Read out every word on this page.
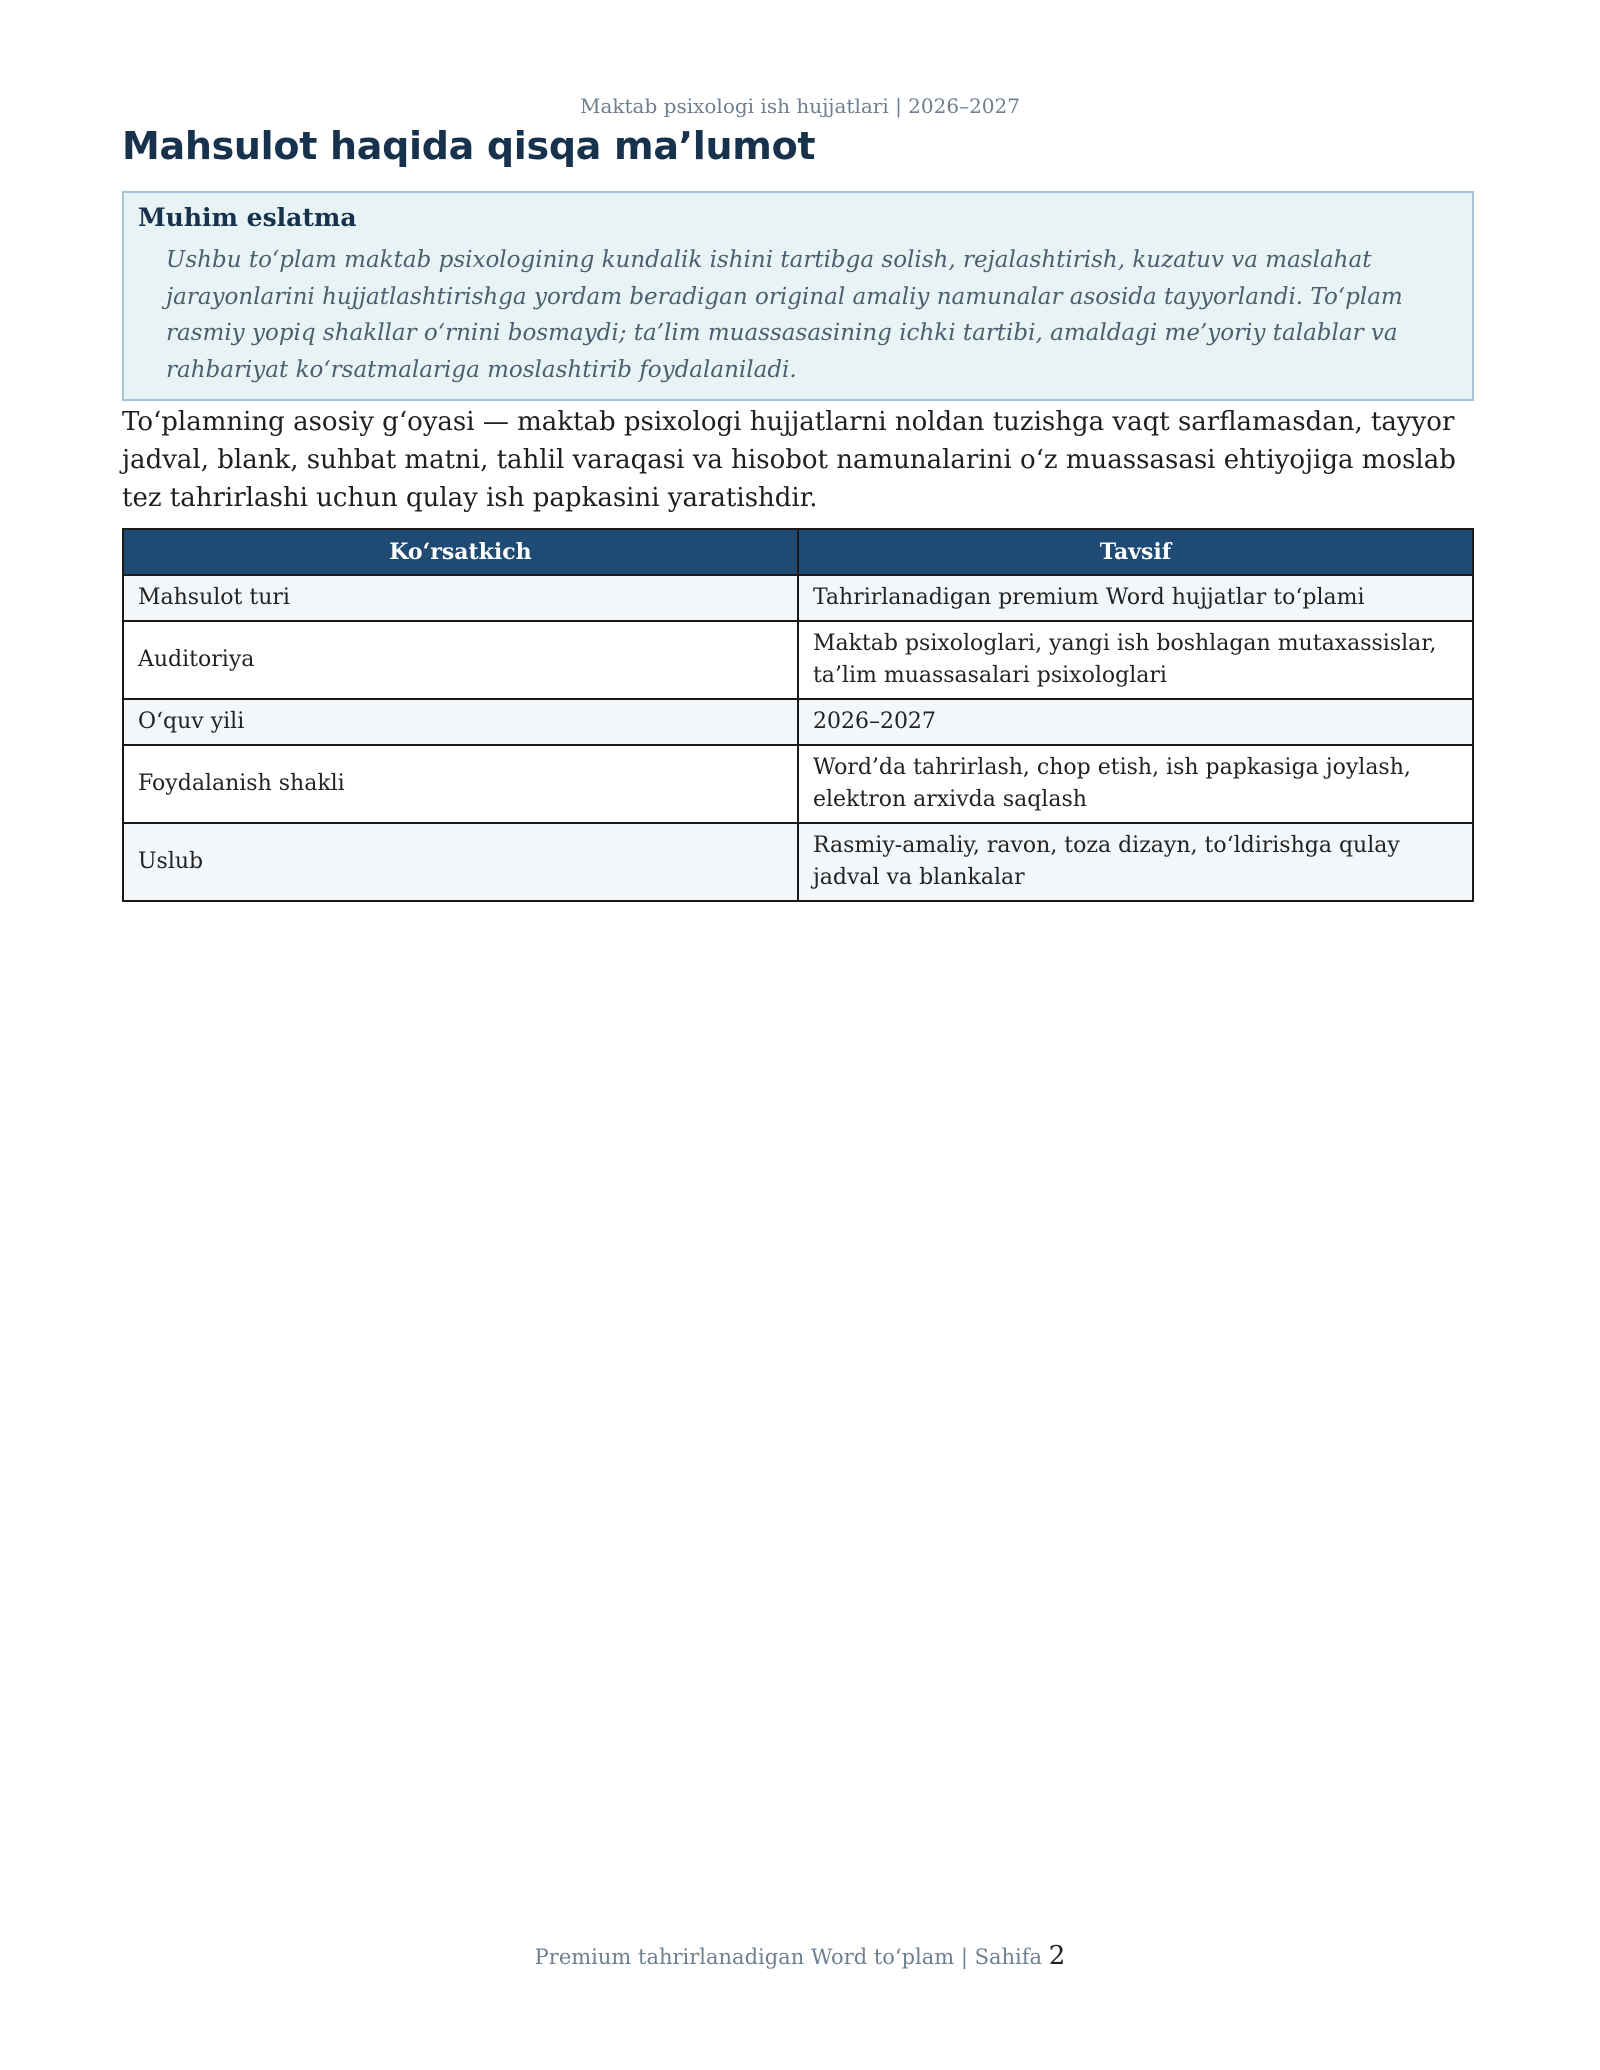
Maktab psixologi ish hujjatlari | 2026–2027
Mahsulot haqida qisqa ma’lumot

Muhim eslatma

Ushbu to‘plam maktab psixologining kundalik ishini tartibga solish, rejalashtirish, kuzatuv va maslahat jarayonlarini hujjatlashtirishga yordam beradigan original amaliy namunalar asosida tayyorlandi. To‘plam rasmiy yopiq shakllar o‘rnini bosmaydi; ta’lim muassasasining ichki tartibi, amaldagi me’yoriy talablar va rahbariyat ko‘rsatmalariga moslashtirib foydalaniladi.

To‘plamning asosiy g‘oyasi — maktab psixologi hujjatlarni noldan tuzishga vaqt sarflamasdan, tayyor jadval, blank, suhbat matni, tahlil varaqasi va hisobot namunalarini o‘z muassasasi ehtiyojiga moslab tez tahrirlashi uchun qulay ish papkasini yaratishdir.

Ko‘rsatkich	Tavsif
Mahsulot turi	Tahrirlanadigan premium Word hujjatlar to‘plami
Auditoriya	Maktab psixologlari, yangi ish boshlagan mutaxassislar, ta’lim muassasalari psixologlari
O‘quv yili	2026–2027
Foydalanish shakli	Word’da tahrirlash, chop etish, ish papkasiga joylash, elektron arxivda saqlash
Uslub	Rasmiy-amaliy, ravon, toza dizayn, to‘ldirishga qulay jadval va blankalar
Premium tahrirlanadigan Word to‘plam | Sahifa 2
